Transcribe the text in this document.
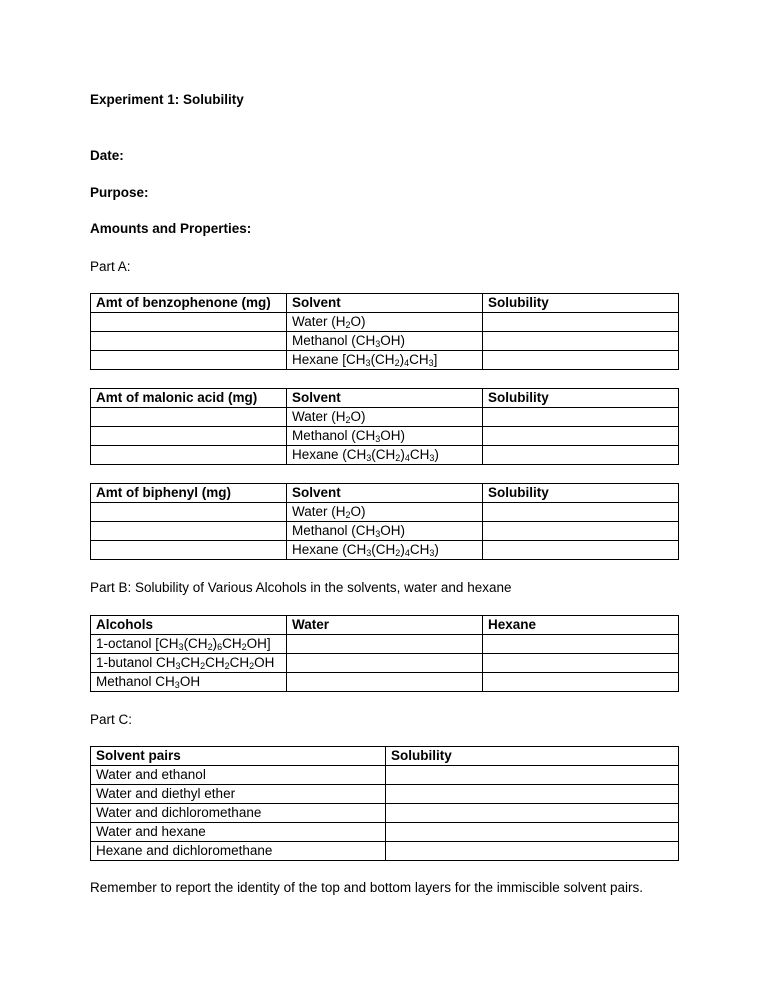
Experiment 1: Solubility
Date:
Purpose:
Amounts and Properties:
Part A:
Amt of benzophenone (mg)	Solvent	Solubility
	Water $(H_2O)$	
	Methanol $(CH_3OH)$	
	Hexane $[CH_3(CH_2)_4CH_3]$	
Amt of malonic acid (mg)	Solvent	Solubility
	Water $(H_2O)$	
	Methanol $(CH_3OH)$	
	Hexane $(CH_3(CH_2)_4CH_3)$	
Amt of biphenyl (mg)	Solvent	Solubility
	Water $(H_2O)$	
	Methanol $(CH_3OH)$	
	Hexane $(CH_3(CH_2)_4CH_3)$	
Part B: Solubility of Various Alcohols in the solvents, water and hexane
Alcohols	Water	Hexane
1-octanol $[CH_3(CH_2)_6CH_2OH]$		
1-butanol $CH_3CH_2CH_2CH_2OH$		
Methanol $CH_3OH$		
Part C:
Solvent pairs	Solubility
Water and ethanol	
Water and diethyl ether	
Water and dichloromethane	
Water and hexane	
Hexane and dichloromethane	
Remember to report the identity of the top and bottom layers for the immiscible solvent pairs.
